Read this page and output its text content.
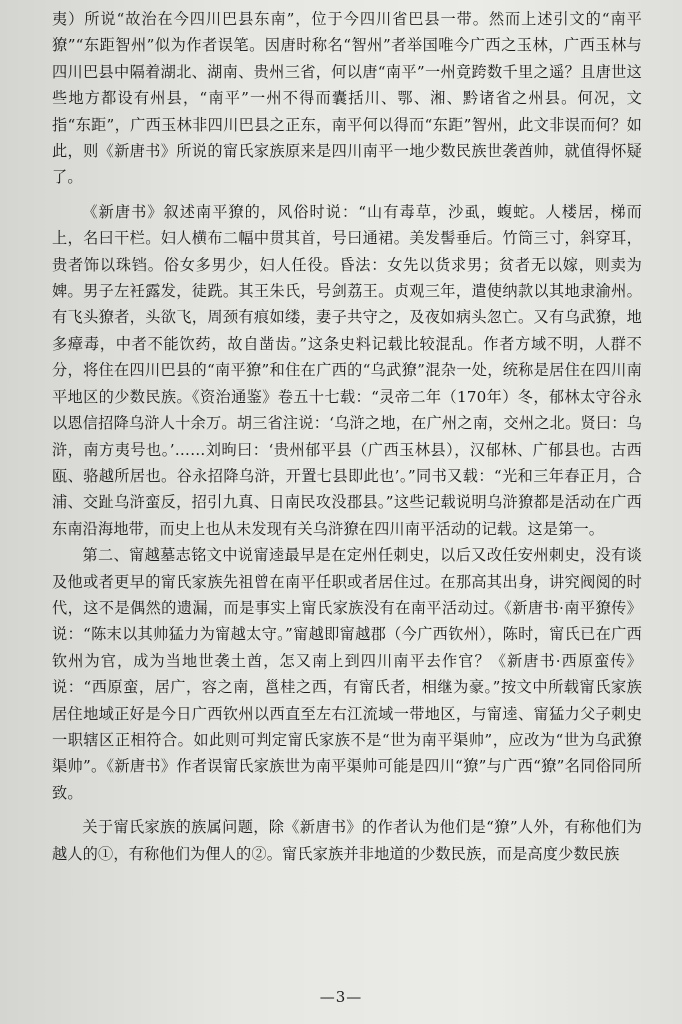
夷）所说“故治在今四川巴县东南”，位于今四川省巴县一带。然而上述引文的“南平獠”“东距智州”似为作者误笔。因唐时称名“智州”者举国唯今广西之玉林，广西玉林与四川巴县中隔着湖北、湖南、贵州三省，何以唐“南平”一州竟跨数千里之遥？且唐世这些地方都设有州县，“南平”一州不得而囊括川、鄂、湘、黔诸省之州县。何况，文指“东距”，广西玉林非四川巴县之正东，南平何以得而“东距”智州，此文非误而何？如此，则《新唐书》所说的甯氏家族原来是四川南平一地少数民族世袭酋帅，就值得怀疑了。

《新唐书》叙述南平獠的，风俗时说：“山有毒草，沙虱，蝮蛇。人楼居，梯而上，名曰干栏。妇人横布二幅中贯其首，号曰通裙。美发髻垂后。竹筒三寸，斜穿耳，贵者饰以珠铛。俗女多男少，妇人任役。昏法：女先以货求男；贫者无以嫁，则卖为婢。男子左衽露发，徒跣。其王朱氏，号剑荔王。贞观三年，遣使纳款以其地隶渝州。有飞头獠者，头欲飞，周颈有痕如缕，妻子共守之，及夜如病头忽亡。又有乌武獠，地多瘴毒，中者不能饮药，故自凿齿。”这条史料记载比较混乱。作者方域不明，人群不分，将住在四川巴县的“南平獠”和住在广西的“乌武獠”混杂一处，统称是居住在四川南平地区的少数民族。《资治通鉴》卷五十七载：“灵帝二年（170年）冬，郁林太守谷永以恩信招降乌浒人十余万。胡三省注说：‘乌浒之地，在广州之南，交州之北。贤曰：乌浒，南方夷号也。’……刘昫曰：‘贵州郁平县（广西玉林县），汉郁林、广郁县也。古西瓯、骆越所居也。谷永招降乌浒，开置七县即此也’。”同书又载：“光和三年春正月，合浦、交趾乌浒蛮反，招引九真、日南民攻没郡县。”这些记载说明乌浒獠都是活动在广西东南沿海地带，而史上也从未发现有关乌浒獠在四川南平活动的记载。这是第一。

第二、甯越墓志铭文中说甯逵最早是在定州任刺史，以后又改任安州刺史，没有谈及他或者更早的甯氏家族先祖曾在南平任职或者居住过。在那高其出身，讲究阀阅的时代，这不是偶然的遗漏，而是事实上甯氏家族没有在南平活动过。《新唐书·南平獠传》说：“陈末以其帅猛力为甯越太守。”甯越即甯越郡（今广西钦州），陈时，甯氏已在广西钦州为官，成为当地世袭土酋，怎又南上到四川南平去作官？《新唐书·西原蛮传》说：“西原蛮，居广，容之南，邕桂之西，有甯氏者，相继为豪。”按文中所载甯氏家族居住地域正好是今日广西钦州以西直至左右江流域一带地区，与甯逵、甯猛力父子刺史一职辖区正相符合。如此则可判定甯氏家族不是“世为南平渠帅”，应改为“世为乌武獠渠帅”。《新唐书》作者误甯氏家族世为南平渠帅可能是四川“獠”与广西“獠”名同俗同所致。

关于甯氏家族的族属问题，除《新唐书》的作者认为他们是“獠”人外，有称他们为越人的①，有称他们为俚人的②。甯氏家族并非地道的少数民族，而是高度少数民族

—3—
